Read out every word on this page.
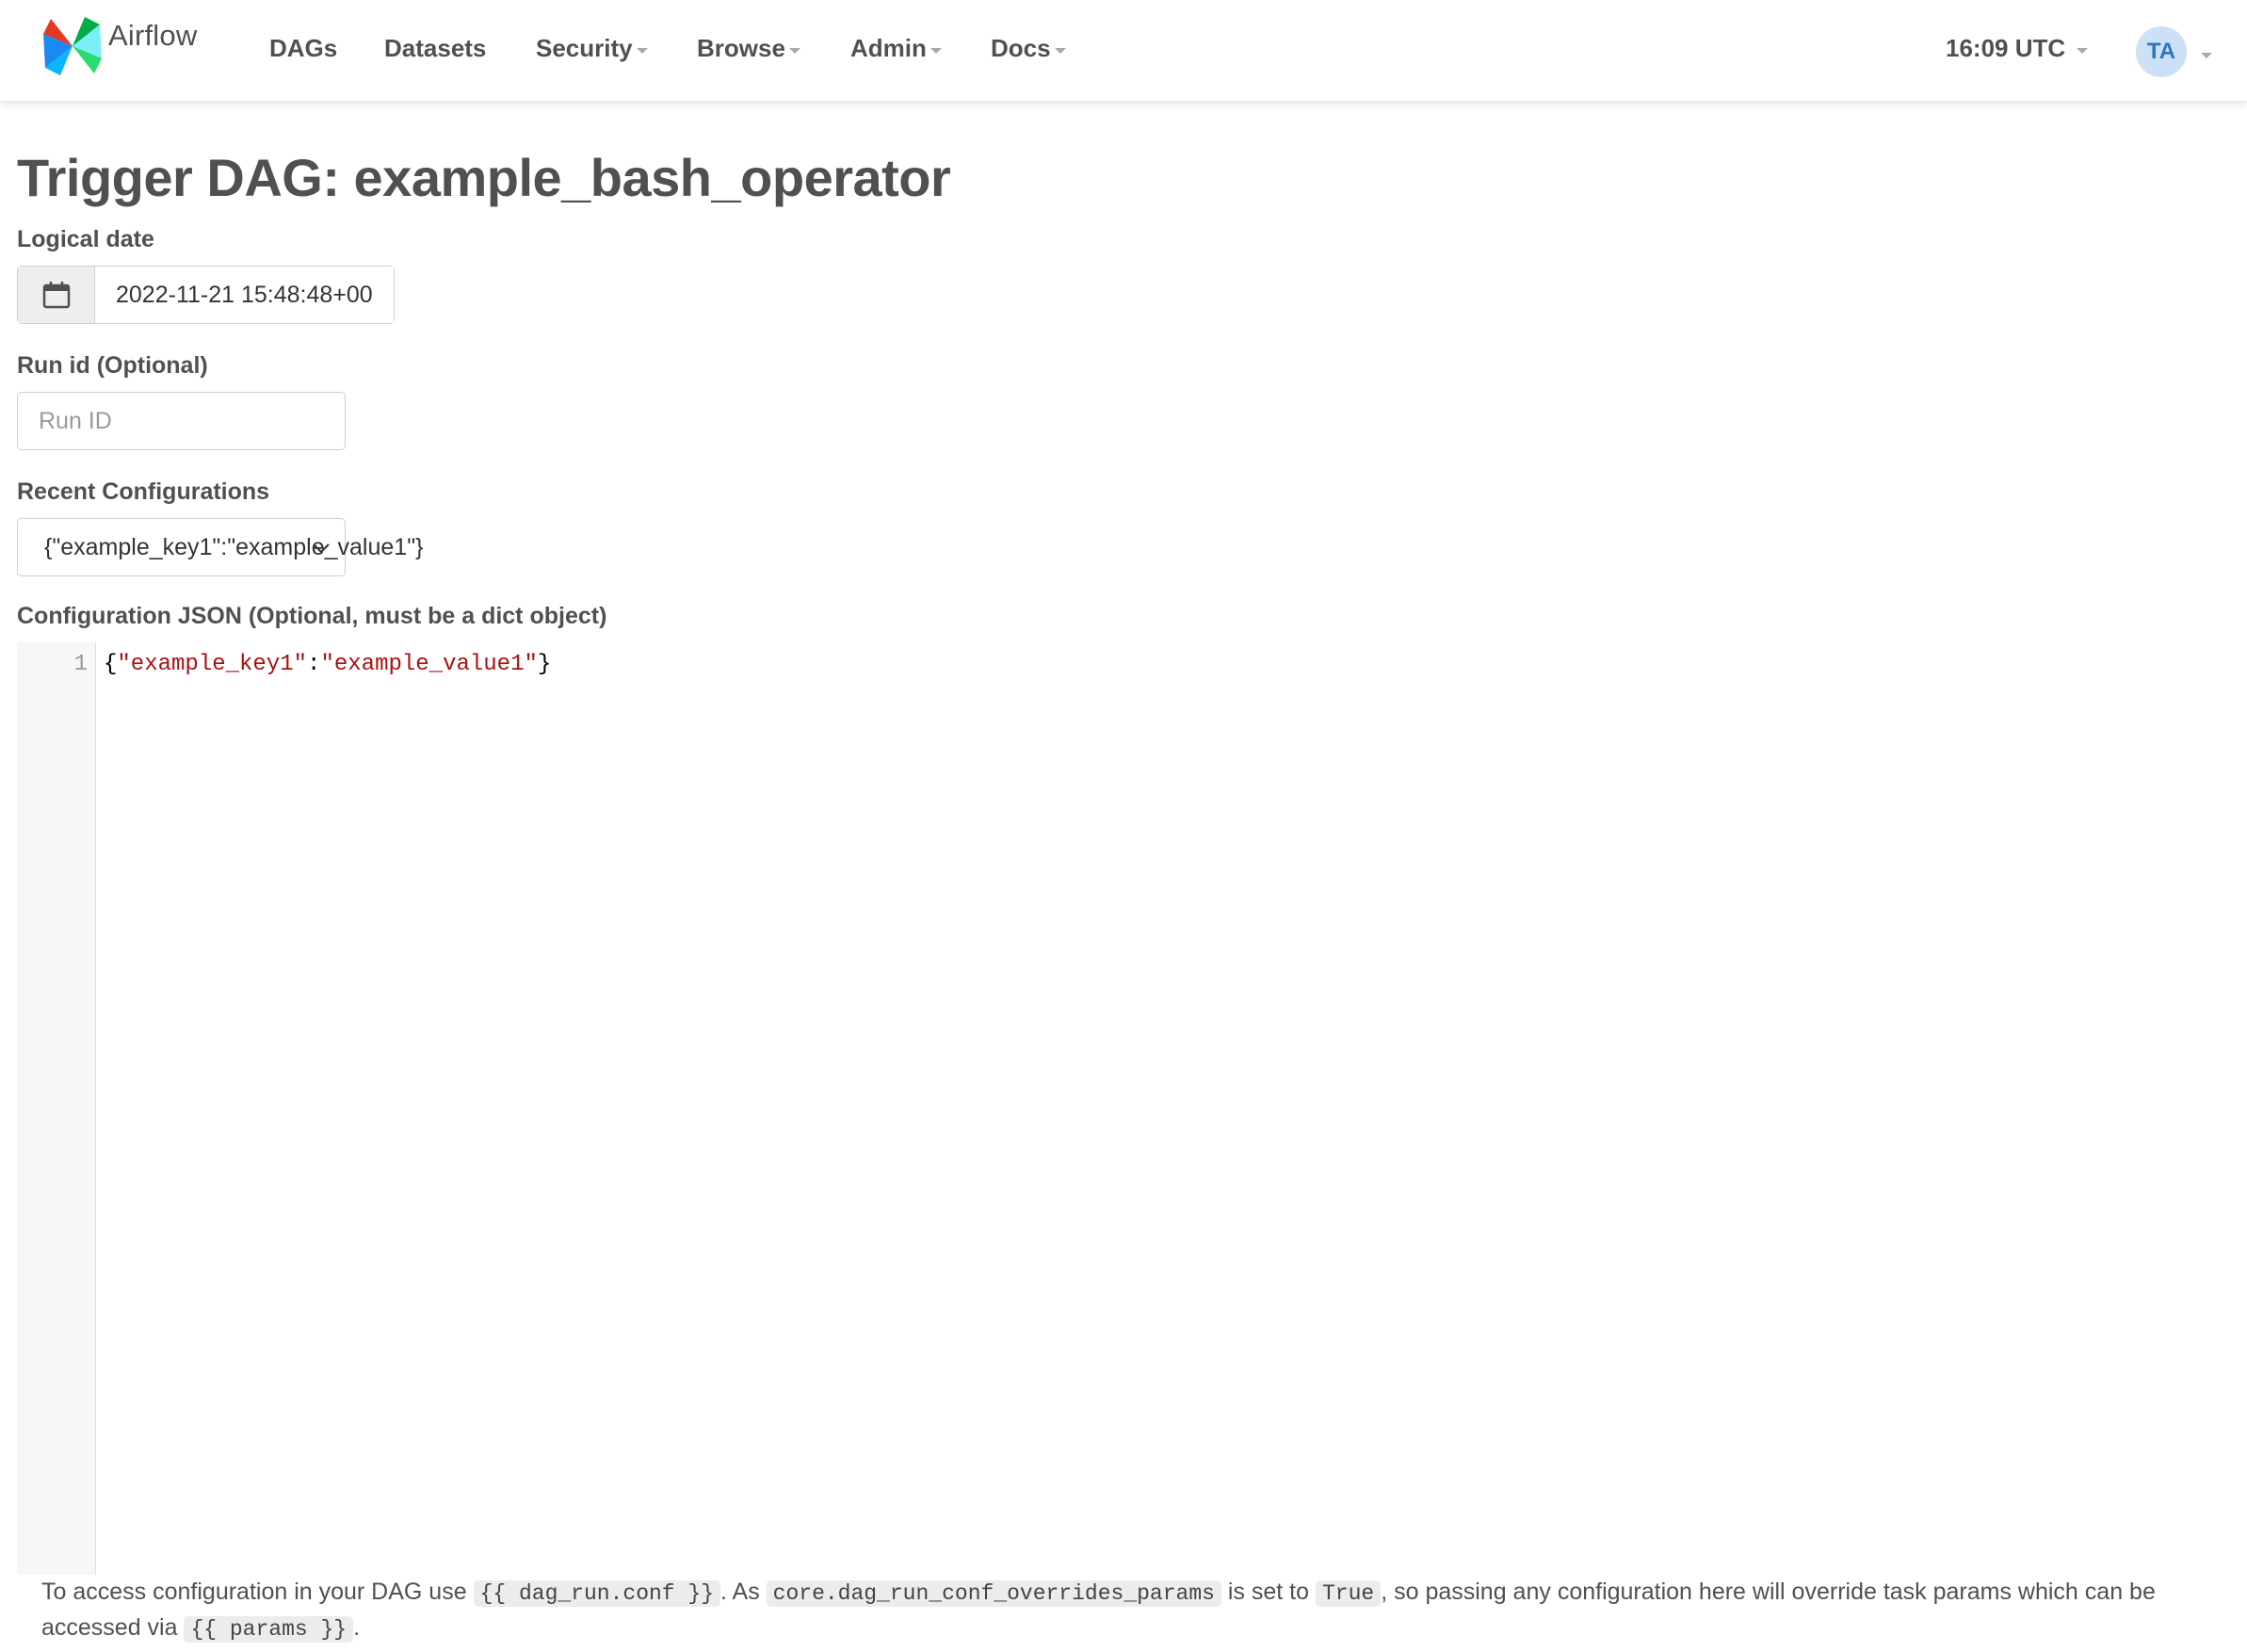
Airflow	DAGs Datasets Security	Browse	Admin	Docs	16:09 UTC	TA
Trigger DAG: example_bash_operator
Logical date
2022-11-21 15:48:48+00:00
Run id (Optional)
Run ID
Recent Configurations
{"example_key1":"example_value1"}
Configuration JSON (Optional, must be a dict object)
1 {"example_key1":"example_value1"}
To access configuration in your DAG use {{ dag_run.conf }} . As core.dag_run_conf_overrides_params is set to True , so passing any configuration here will override task params which can be accessed via {{ params }} .
